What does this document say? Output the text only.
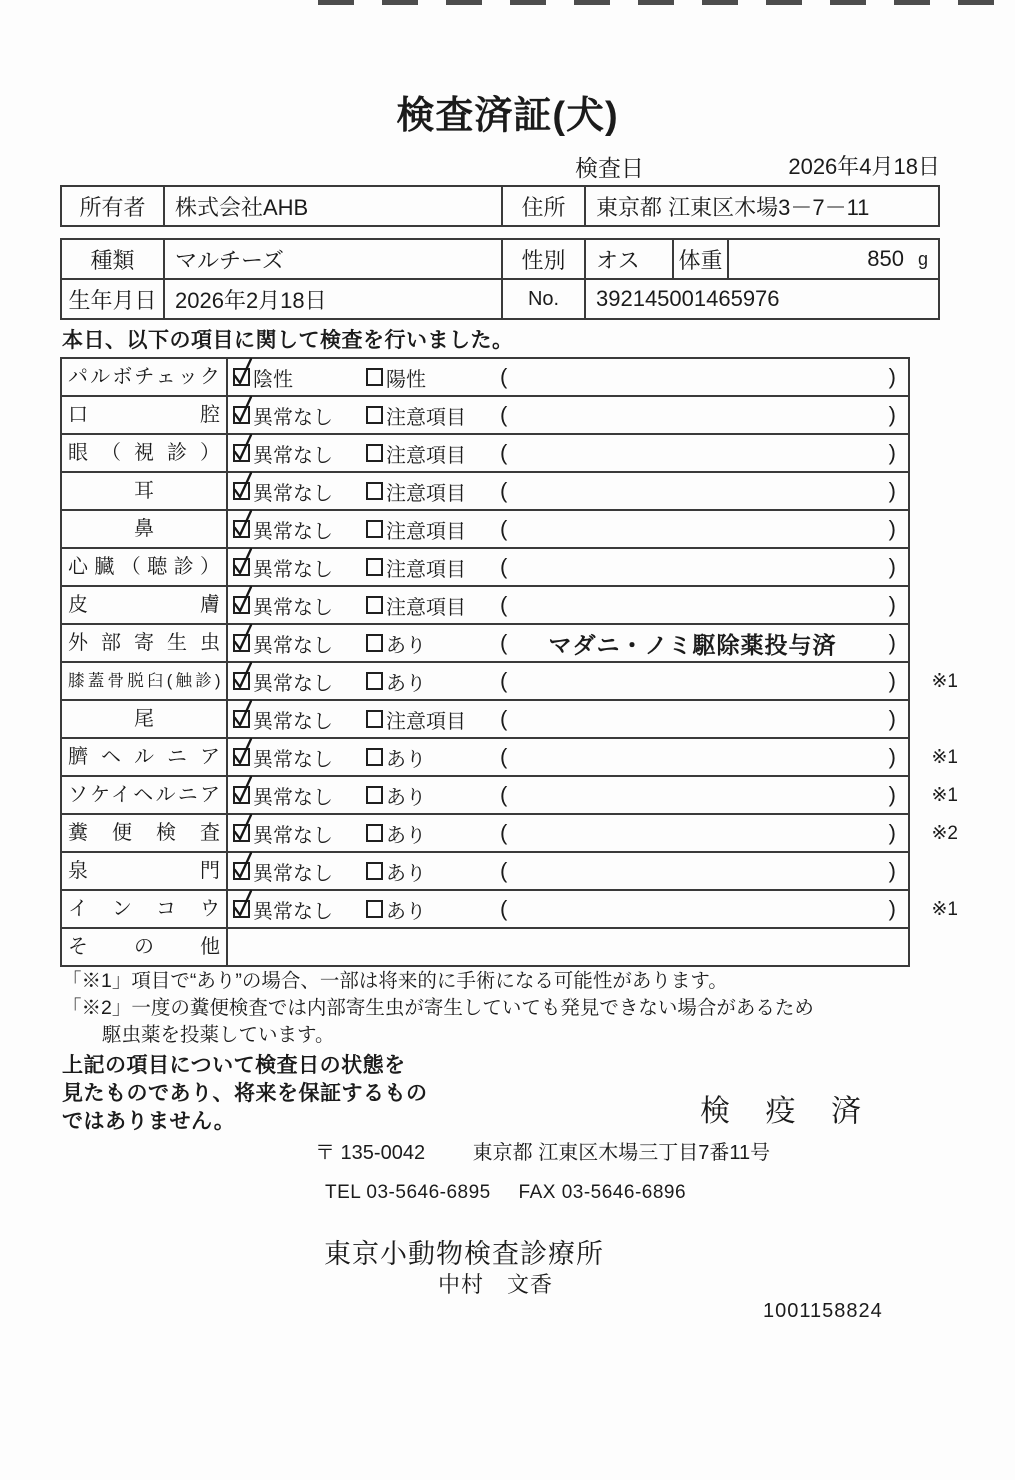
検査済証(犬)
検査日	2026年4月18日
所有者	株式会社AHB	住所	東京都 江東区木場3－7－11
種類	マルチーズ	性別	オス	体重	850 g
生年月日 2026年2月18日	No.	392145001465976
本日、以下の項目に関して検査を行いました。
パルボチェック 陰性	陽性	(	)
口腔 異常なし	注意項目 (	)
眼（視診） 異常なし	注意項目 (	)
耳	異常なし	注意項目 (	)
鼻	異常なし	注意項目 (	)
心臓（聴診） 異常なし	注意項目 (	)
皮膚 異常なし	注意項目 (	)
外部寄生虫 異常なし	あり	(	マダニ・ノミ駆除薬投与済	)
膝蓋骨脱臼(触診) 異常なし	あり	(	)	※1
尾	異常なし	注意項目 (	)
臍ヘルニア 異常なし	あり	(	)	※1
ソケイヘルニア 異常なし	あり	(	)	※1
糞便検査 異常なし	あり	(	)	※2
泉門 異常なし	あり	(	)
インコウ 異常なし	あり	(	)	※1
その他
「※1」項目で“あり”の場合、一部は将来的に手術になる可能性があります。
「※2」一度の糞便検査では内部寄生虫が寄生していても発見できない場合があるため
駆虫薬を投薬しています。
上記の項目について検査日の状態を
見たものであり、将来を保証するもの
ではありません。	検 疫 済
〒 135-0042 東京都 江東区木場三丁目7番11号
TEL 03-5646-6895 FAX 03-5646-6896
東京小動物検査診療所
中村　文香
1001158824
